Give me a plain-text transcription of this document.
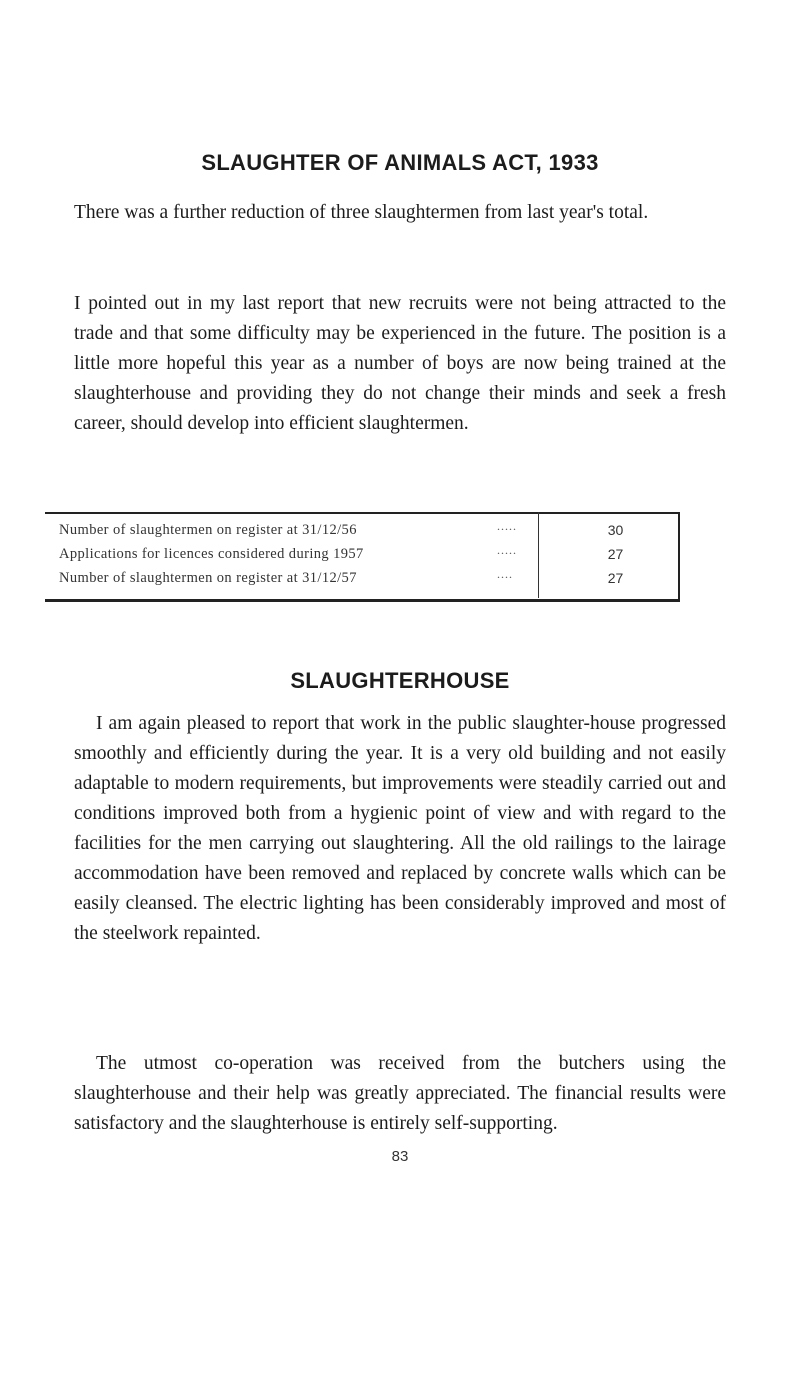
SLAUGHTER OF ANIMALS ACT, 1933

There was a further reduction of three slaughtermen from last year's total.

I pointed out in my last report that new recruits were not being attracted to the trade and that some difficulty may be experienced in the future. The position is a little more hopeful this year as a number of boys are now being trained at the slaughterhouse and providing they do not change their minds and seek a fresh career, should develop into efficient slaughtermen.

Number of slaughtermen on register at 31/12/56	.....	30
Applications for licences considered during 1957	.....	27
Number of slaughtermen on register at 31/12/57	....	27
SLAUGHTERHOUSE

I am again pleased to report that work in the public slaughter-house progressed smoothly and efficiently during the year. It is a very old building and not easily adaptable to modern requirements, but improvements were steadily carried out and conditions improved both from a hygienic point of view and with regard to the facilities for the men carrying out slaughtering. All the old railings to the lairage accommodation have been removed and replaced by concrete walls which can be easily cleansed. The electric lighting has been considerably improved and most of the steelwork repainted.

The utmost co-operation was received from the butchers using the slaughterhouse and their help was greatly appreciated. The financial results were satisfactory and the slaughterhouse is entirely self-supporting.

83
